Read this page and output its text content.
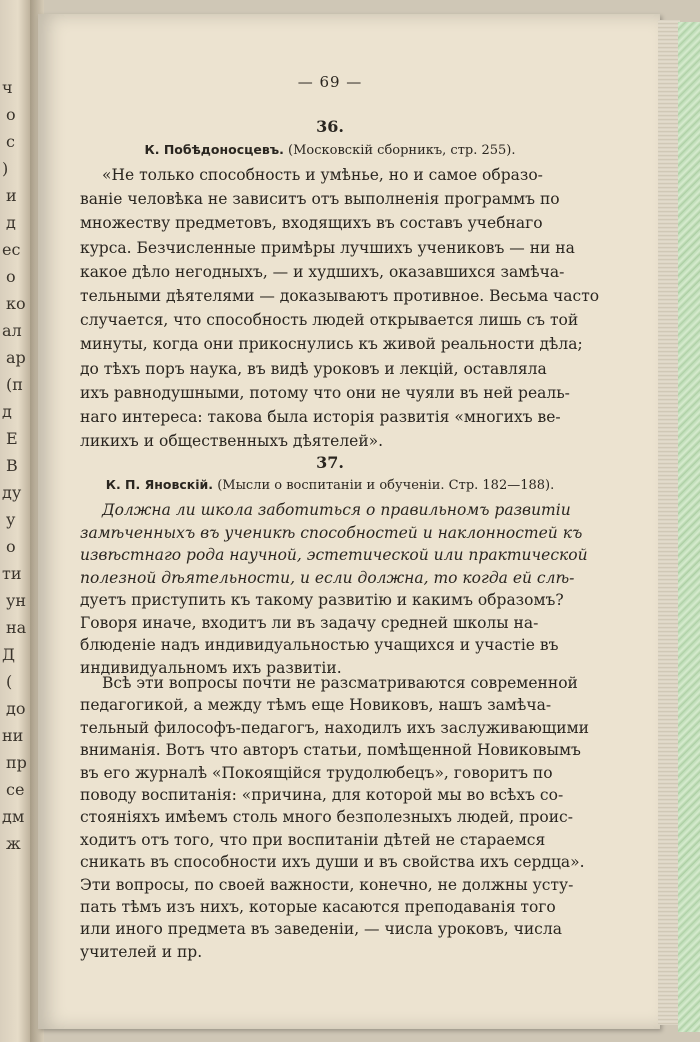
ч
о
с
)
и
д
ес
о
ко
ал
ар
(п
д
Е
В
ду
у
о
ти
ун
на
Д
(
до
ни
пр
се
дм
ж
— 69 —
36.
К. Побѣдоносцевъ. (Московскій сборникъ, стр. 255).
«Не только способность и умѣнье, но и самое образо-
ваніе человѣка не зависитъ отъ выполненія программъ по
множеству предметовъ, входящихъ въ составъ учебнаго
курса. Безчисленные примѣры лучшихъ учениковъ — ни на
какое дѣло негодныхъ, — и худшихъ, оказавшихся замѣча-
тельными дѣятелями — доказываютъ противное. Весьма часто
случается, что способность людей открывается лишь съ той
минуты, когда они прикоснулись къ живой реальности дѣла;
до тѣхъ поръ наука, въ видѣ уроковъ и лекцій, оставляла
ихъ равнодушными, потому что они не чуяли въ ней реаль-
наго интереса: такова была исторія развитія «многихъ ве-
ликихъ и общественныхъ дѣятелей».
37.
К. П. Яновскій. (Мысли о воспитаніи и обученіи. Стр. 182—188).
Должна ли школа заботиться о правильномъ развитіи
замѣченныхъ въ ученикѣ способностей и наклонностей къ
извѣстнаго рода научной, эстетической или практической
полезной дѣятельности, и если должна, то когда ей слѣ-
дуетъ приступить къ такому развитію и какимъ образомъ?
Говоря иначе, входитъ ли въ задачу средней школы на-
блюденіе надъ индивидуальностью учащихся и участіе въ
индивидуальномъ ихъ развитіи.
Всѣ эти вопросы почти не разсматриваются современной
педагогикой, а между тѣмъ еще Новиковъ, нашъ замѣча-
тельный философъ-педагогъ, находилъ ихъ заслуживающими
вниманія. Вотъ что авторъ статьи, помѣщенной Новиковымъ
въ его журналѣ «Покоящійся трудолюбецъ», говоритъ по
поводу воспитанія: «причина, для которой мы во всѣхъ со-
стояніяхъ имѣемъ столь много безполезныхъ людей, проис-
ходитъ отъ того, что при воспитаніи дѣтей не стараемся
сникать въ способности ихъ души и въ свойства ихъ сердца».
Эти вопросы, по своей важности, конечно, не должны усту-
пать тѣмъ изъ нихъ, которые касаются преподаванія того
или иного предмета въ заведеніи, — числа уроковъ, числа
учителей и пр.
